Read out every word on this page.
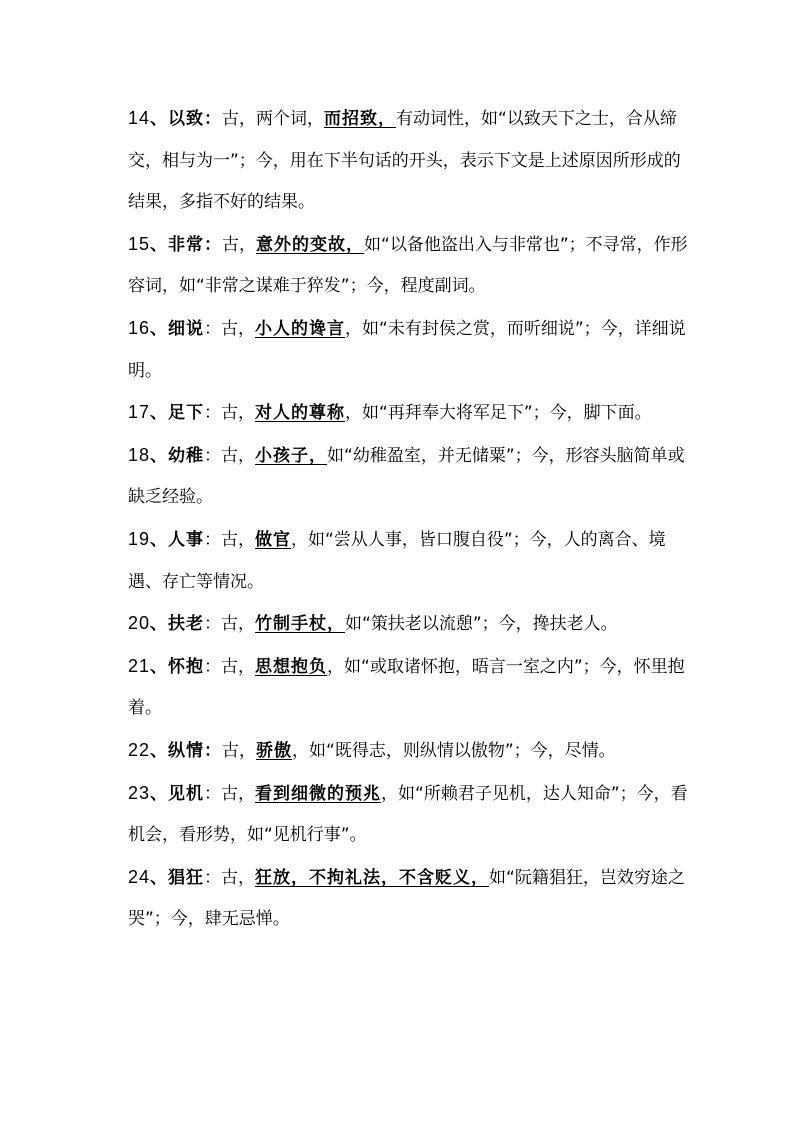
14、以致：古，两个词，而招致，有动词性，如“以致天下之士，合从缔交，相与为一”；今，用在下半句话的开头，表示下文是上述原因所形成的结果，多指不好的结果。

15、非常：古，意外的变故，如“以备他盗出入与非常也”；不寻常，作形容词，如“非常之谋难于猝发”；今，程度副词。

16、细说：古，小人的谗言，如“未有封侯之赏，而听细说”；今，详细说明。

17、足下：古，对人的尊称，如“再拜奉大将军足下”；今，脚下面。

18、幼稚：古，小孩子，如“幼稚盈室，并无储粟”；今，形容头脑简单或缺乏经验。

19、人事：古，做官，如“尝从人事，皆口腹自役”；今，人的离合、境遇、存亡等情况。

20、扶老：古，竹制手杖，如“策扶老以流憩”；今，搀扶老人。

21、怀抱：古，思想抱负，如“或取诸怀抱，晤言一室之内”；今，怀里抱着。

22、纵情：古，骄傲，如“既得志，则纵情以傲物”；今，尽情。

23、见机：古，看到细微的预兆，如“所赖君子见机，达人知命”；今，看机会，看形势，如“见机行事”。

24、猖狂：古，狂放，不拘礼法，不含贬义，如“阮籍猖狂，岂效穷途之哭”；今，肆无忌惮。
